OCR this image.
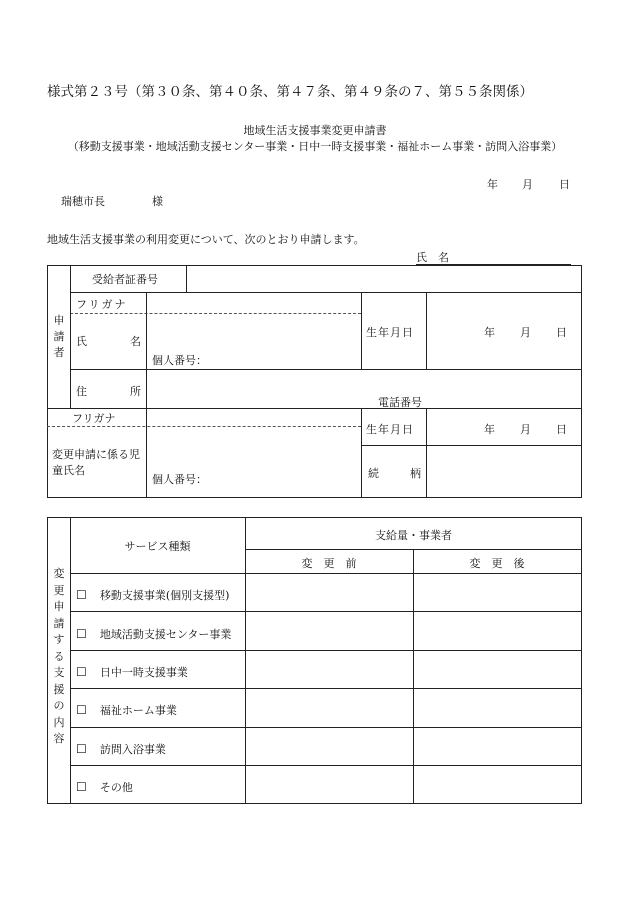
様式第２３号（第３０条、第４０条、第４７条、第４９条の７、第５５条関係）
地域生活支援事業変更申請書
（移動支援事業・地域活動支援センター事業・日中一時支援事業・福祉ホーム事業・訪問入浴事業）
年 月 日
瑞穂市長	様
地域生活支援事業の利用変更について、次のとおり申請します。
氏　名
申請者
受給者証番号
フリガナ
氏	名
個人番号：
生年月日	年 月 日
住	所
電話番号
フリガナ
変更申請に係る児童氏名
個人番号：
生年月日	年 月 日
続	柄
変更申請する支援の内容
サービス種類
支給量・事業者
変　更　前	変　更　後
☐ 移動支援事業(個別支援型)
☐ 地域活動支援センター事業
☐ 日中一時支援事業
☐ 福祉ホーム事業
☐ 訪問入浴事業
☐ その他
